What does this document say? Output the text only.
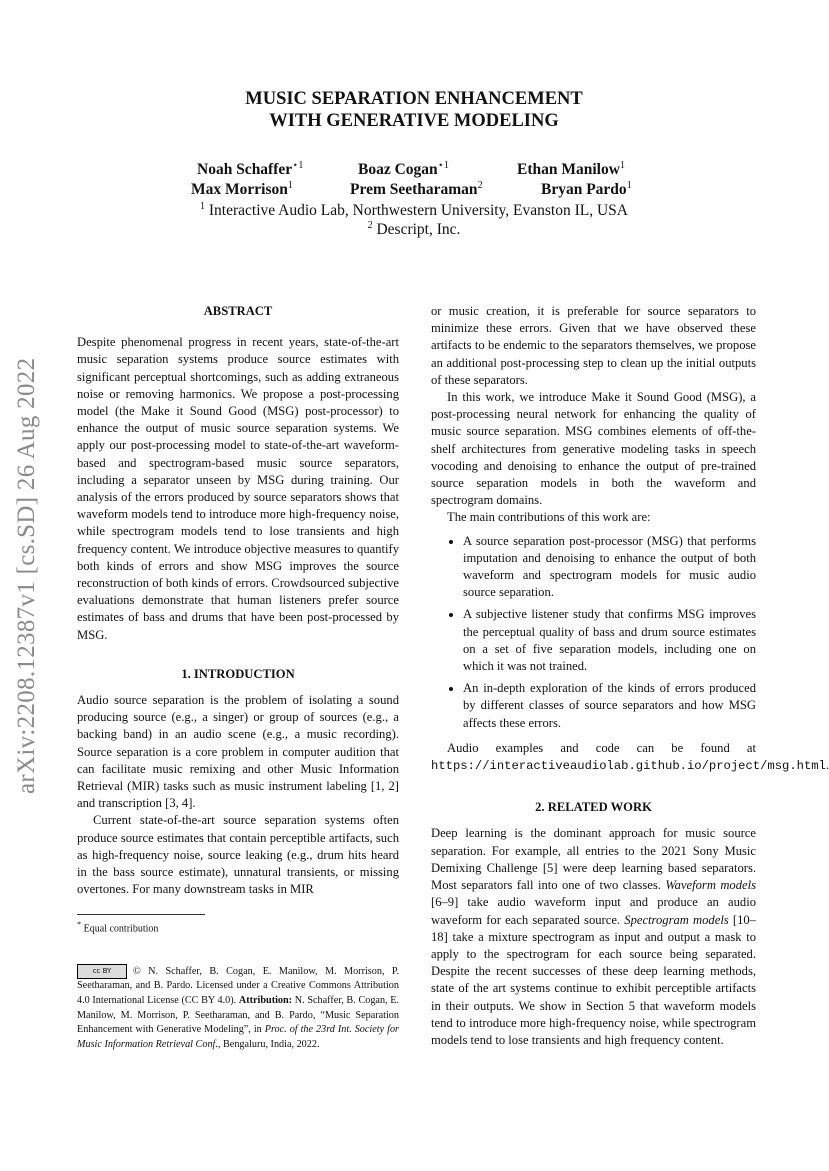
arXiv:2208.12387v1 [cs.SD] 26 Aug 2022
MUSIC SEPARATION ENHANCEMENT
WITH GENERATIVE MODELING
Noah Schaffer$^{⋆1}$	Boaz Cogan$^{⋆1}$	Ethan Manilow$^1$
Max Morrison$^1$	Prem Seetharaman$^2$	Bryan Pardo$^1$
$^1$ Interactive Audio Lab, Northwestern University, Evanston IL, USA
$^2$ Descript, Inc.

ABSTRACT

Despite phenomenal progress in recent years, state-of-the-art music separation systems produce source estimates with significant perceptual shortcomings, such as adding extraneous noise or removing harmonics. We propose a post-processing model (the Make it Sound Good (MSG) post-processor) to enhance the output of music source separation systems. We apply our post-processing model to state-of-the-art waveform-based and spectrogram-based music source separators, including a separator unseen by MSG during training. Our analysis of the errors produced by source separators shows that waveform models tend to introduce more high-frequency noise, while spectrogram models tend to lose transients and high frequency content. We introduce objective measures to quantify both kinds of errors and show MSG improves the source reconstruction of both kinds of errors. Crowdsourced subjective evaluations demonstrate that human listeners prefer source estimates of bass and drums that have been post-processed by MSG.

1. INTRODUCTION

Audio source separation is the problem of isolating a sound producing source (e.g., a singer) or group of sources (e.g., a backing band) in an audio scene (e.g., a music recording). Source separation is a core problem in computer audition that can facilitate music remixing and other Music Information Retrieval (MIR) tasks such as music instrument labeling [1, 2] and transcription [3, 4].

Current state-of-the-art source separation systems often produce source estimates that contain perceptible artifacts, such as high-frequency noise, source leaking (e.g., drum hits heard in the bass source estimate), unnatural transients, or missing overtones. For many downstream tasks in MIR

* Equal contribution
cc BY © N. Schaffer, B. Cogan, E. Manilow, M. Morrison, P. Seetharaman, and B. Pardo. Licensed under a Creative Commons Attribution 4.0 International License (CC BY 4.0). Attribution: N. Schaffer, B. Cogan, E. Manilow, M. Morrison, P. Seetharaman, and B. Pardo, “Music Separation Enhancement with Generative Modeling”, in Proc. of the 23rd Int. Society for Music Information Retrieval Conf., Bengaluru, India, 2022.

or music creation, it is preferable for source separators to minimize these errors. Given that we have observed these artifacts to be endemic to the separators themselves, we propose an additional post-processing step to clean up the initial outputs of these separators.

In this work, we introduce Make it Sound Good (MSG), a post-processing neural network for enhancing the quality of music source separation. MSG combines elements of off-the-shelf architectures from generative modeling tasks in speech vocoding and denoising to enhance the output of pre-trained source separation models in both the waveform and spectrogram domains.

The main contributions of this work are:

• A source separation post-processor (MSG) that performs imputation and denoising to enhance the output of both waveform and spectrogram models for music audio source separation.
• A subjective listener study that confirms MSG improves the perceptual quality of bass and drum source estimates on a set of five separation models, including one on which it was not trained.
• An in-depth exploration of the kinds of errors produced by different classes of source separators and how MSG affects these errors.

Audio examples and code can be found at https://interactiveaudiolab.github.io/project/msg.html.

2. RELATED WORK

Deep learning is the dominant approach for music source separation. For example, all entries to the 2021 Sony Music Demixing Challenge [5] were deep learning based separators. Most separators fall into one of two classes. Waveform models [6–9] take audio waveform input and produce an audio waveform for each separated source. Spectrogram models [10–18] take a mixture spectrogram as input and output a mask to apply to the spectrogram for each source being separated. Despite the recent successes of these deep learning methods, state of the art systems continue to exhibit perceptible artifacts in their outputs. We show in Section 5 that waveform models tend to introduce more high-frequency noise, while spectrogram models tend to lose transients and high frequency content.
